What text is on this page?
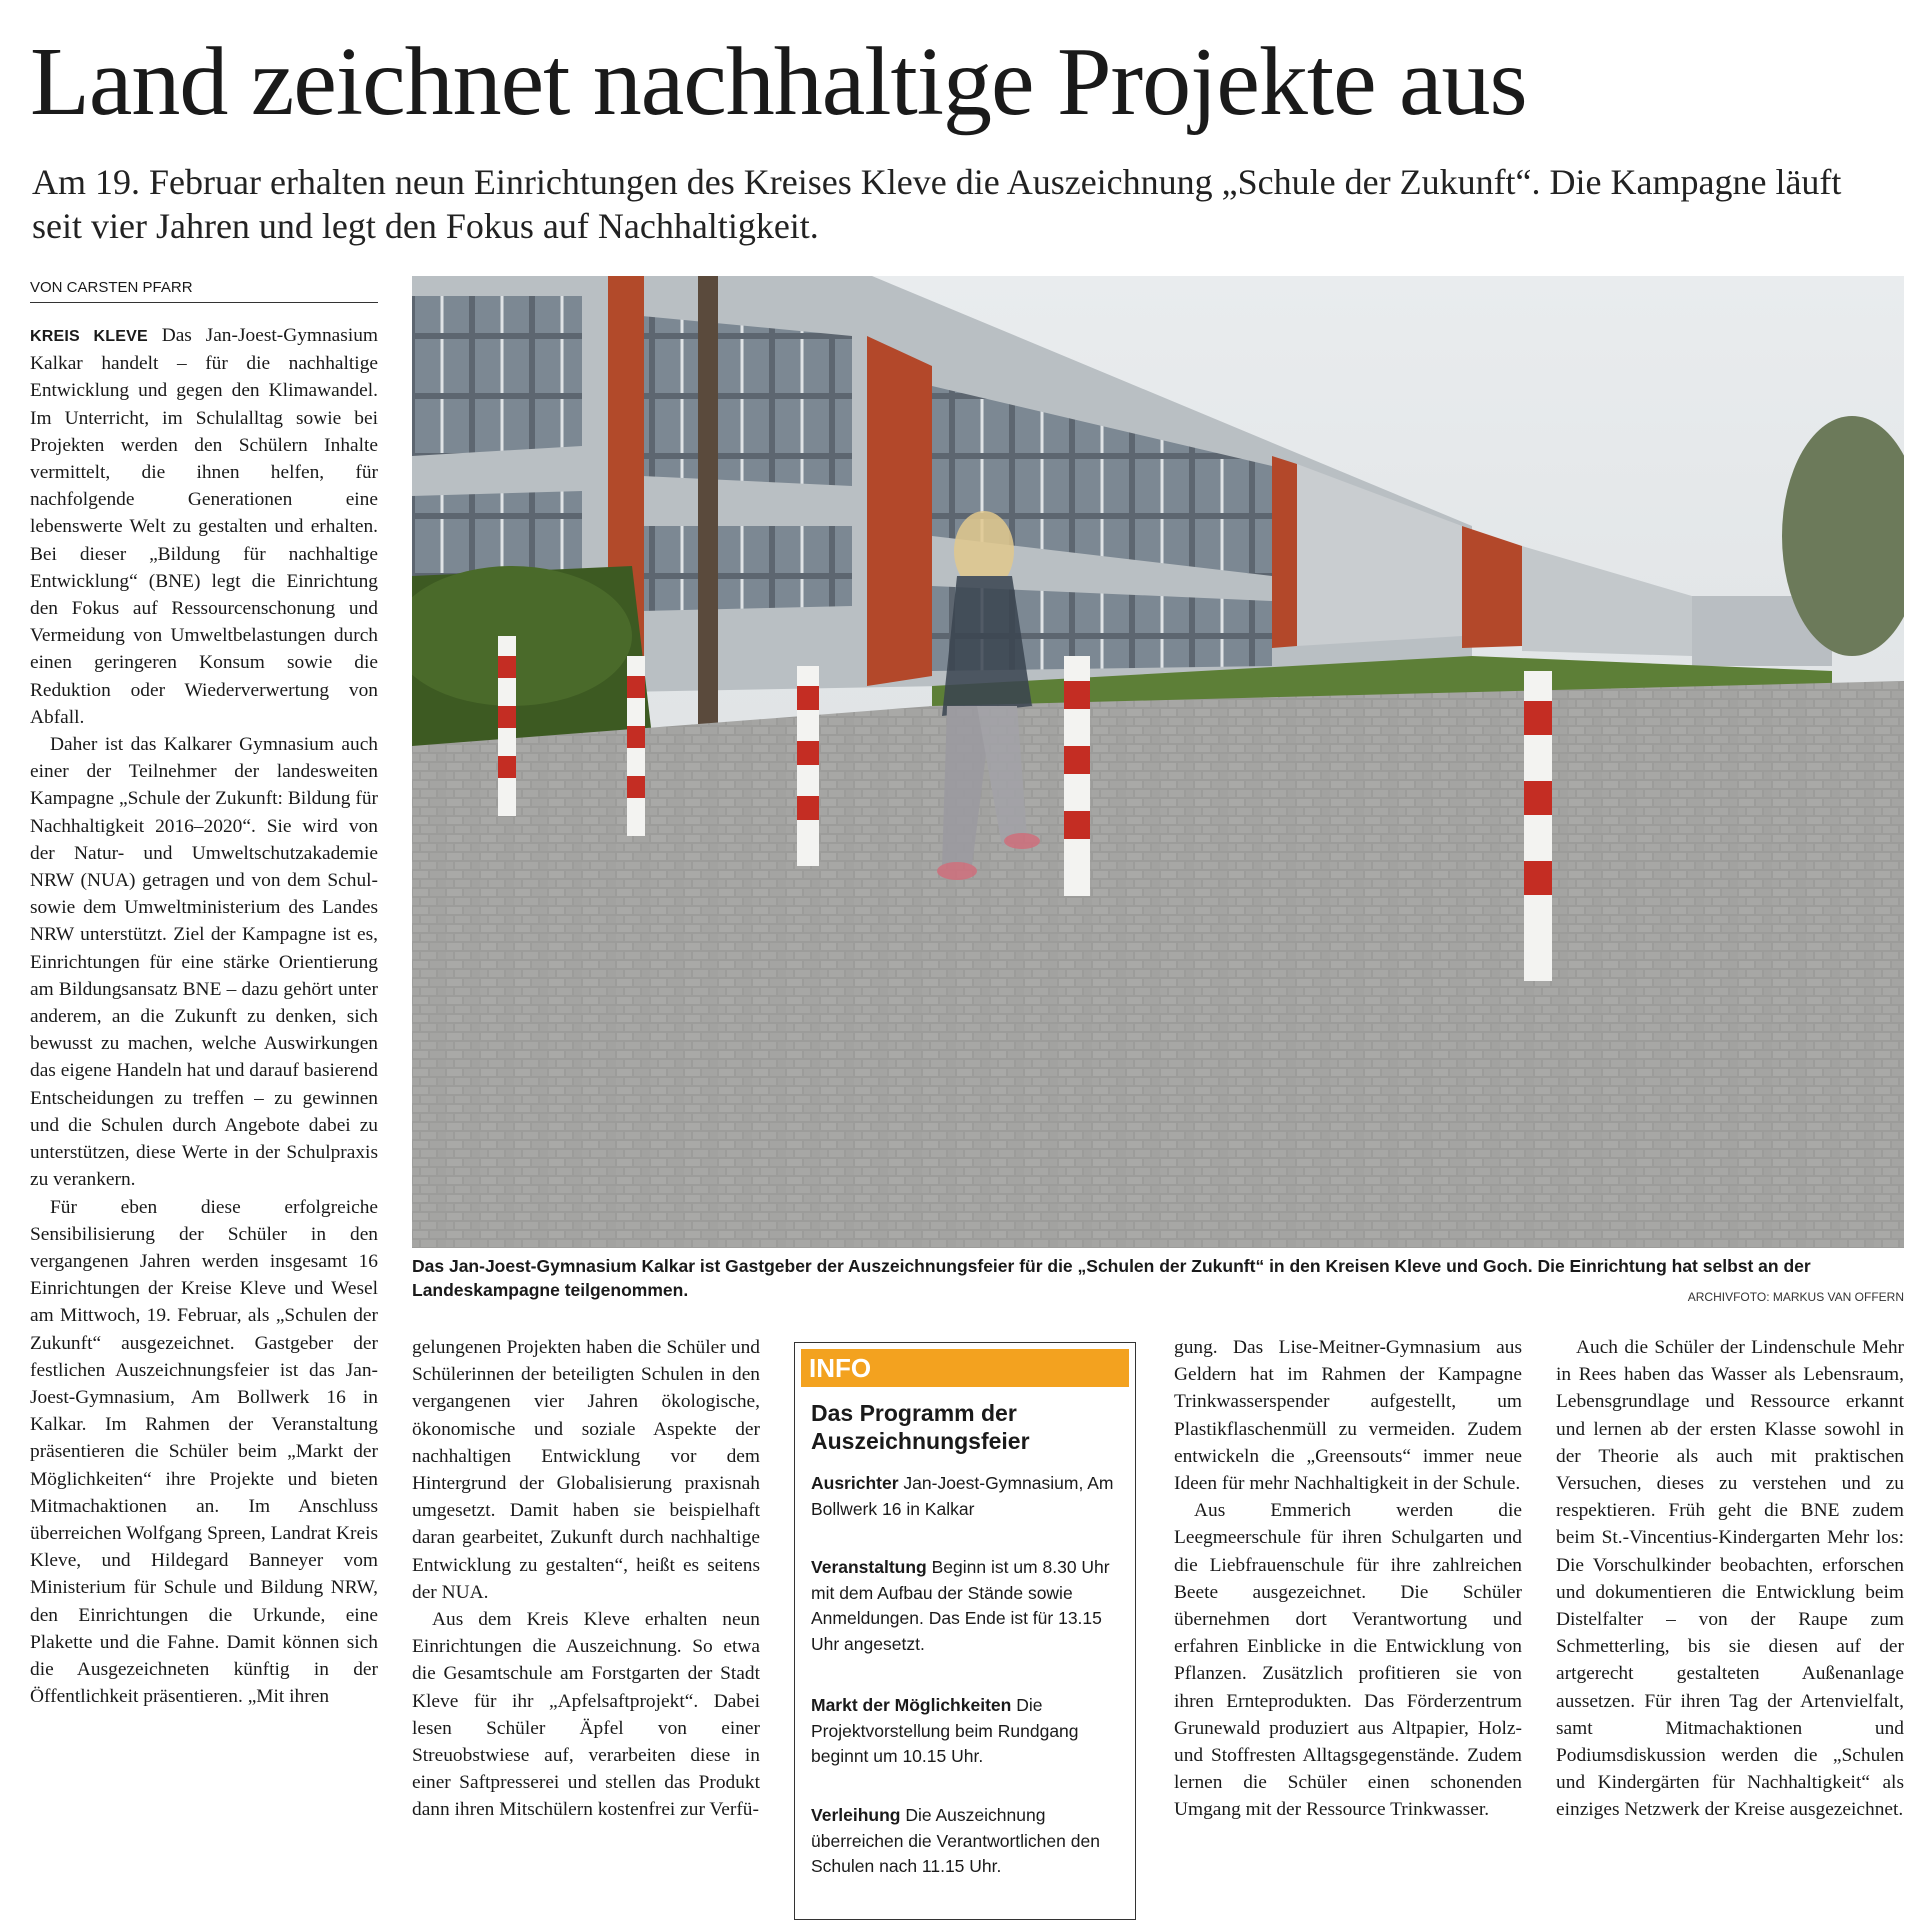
Land zeichnet nachhaltige Projekte aus
Am 19. Februar erhalten neun Einrichtungen des Kreises Kleve die Auszeichnung „Schule der Zukunft“. Die Kampagne läuft seit vier Jahren und legt den Fokus auf Nachhaltigkeit.
VON CARSTEN PFARR

KREIS KLEVE Das Jan-Joest-Gymnasium Kalkar handelt – für die nachhaltige Entwicklung und gegen den Klimawandel. Im Unterricht, im Schulalltag sowie bei Projekten werden den Schülern Inhalte vermittelt, die ihnen helfen, für nachfolgende Generationen eine lebenswerte Welt zu gestalten und erhalten. Bei dieser „Bildung für nachhaltige Entwicklung“ (BNE) legt die Einrichtung den Fokus auf Ressourcenschonung und Vermeidung von Umweltbelastungen durch einen geringeren Konsum sowie die Reduktion oder Wiederverwertung von Abfall.

Daher ist das Kalkarer Gymnasium auch einer der Teilnehmer der landesweiten Kampagne „Schule der Zukunft: Bildung für Nachhaltigkeit 2016–2020“. Sie wird von der Natur- und Umweltschutzakademie NRW (NUA) getragen und von dem Schul- sowie dem Umweltministerium des Landes NRW unterstützt. Ziel der Kampagne ist es, Einrichtungen für eine stärke Orientierung am Bildungsansatz BNE – dazu gehört unter anderem, an die Zukunft zu denken, sich bewusst zu machen, welche Auswirkungen das eigene Handeln hat und darauf basierend Entscheidungen zu treffen – zu gewinnen und die Schulen durch Angebote dabei zu unterstützen, diese Werte in der Schulpraxis zu verankern.

Für eben diese erfolgreiche Sensibilisierung der Schüler in den vergangenen Jahren werden insgesamt 16 Einrichtungen der Kreise Kleve und Wesel am Mittwoch, 19. Februar, als „Schulen der Zukunft“ ausgezeichnet. Gastgeber der festlichen Auszeichnungsfeier ist das Jan-Joest-Gymnasium, Am Bollwerk 16 in Kalkar. Im Rahmen der Veranstaltung präsentieren die Schüler beim „Markt der Möglichkeiten“ ihre Projekte und bieten Mitmachaktionen an. Im Anschluss überreichen Wolfgang Spreen, Landrat Kreis Kleve, und Hildegard Banneyer vom Ministerium für Schule und Bildung NRW, den Einrichtungen die Urkunde, eine Plakette und die Fahne. Damit können sich die Ausgezeichneten künftig in der Öffentlichkeit präsentieren. „Mit ihren

Das Jan-Joest-Gymnasium Kalkar ist Gastgeber der Auszeichnungsfeier für die „Schulen der Zukunft“ in den Kreisen Kleve und Goch. Die Einrichtung hat selbst an der Landeskampagne teilgenommen.	ARCHIVFOTO: MARKUS VAN OFFERN

gelungenen Projekten haben die Schüler und Schülerinnen der beteiligten Schulen in den vergangenen vier Jahren ökologische, ökonomische und soziale Aspekte der nachhaltigen Entwicklung vor dem Hintergrund der Globalisierung praxisnah umgesetzt. Damit haben sie beispielhaft daran gearbeitet, Zukunft durch nachhaltige Entwicklung zu gestalten“, heißt es seitens der NUA.

Aus dem Kreis Kleve erhalten neun Einrichtungen die Auszeichnung. So etwa die Gesamtschule am Forstgarten der Stadt Kleve für ihr „Apfelsaftprojekt“. Dabei lesen Schüler Äpfel von einer Streuobstwiese auf, verarbeiten diese in einer Saftpresserei und stellen das Produkt dann ihren Mitschülern kostenfrei zur Verfü-

INFO
Das Programm der Auszeichnungsfeier
Ausrichter Jan-Joest-Gymnasium, Am Bollwerk 16 in Kalkar
Veranstaltung Beginn ist um 8.30 Uhr mit dem Aufbau der Stände sowie Anmeldungen. Das Ende ist für 13.15 Uhr angesetzt.
Markt der Möglichkeiten Die Projektvorstellung beim Rundgang beginnt um 10.15 Uhr.
Verleihung Die Auszeichnung überreichen die Verantwortlichen den Schulen nach 11.15 Uhr.

gung. Das Lise-Meitner-Gymnasium aus Geldern hat im Rahmen der Kampagne Trinkwasserspender aufgestellt, um Plastikflaschenmüll zu vermeiden. Zudem entwickeln die „Greensouts“ immer neue Ideen für mehr Nachhaltigkeit in der Schule.

Aus Emmerich werden die Leegmeerschule für ihren Schulgarten und die Liebfrauenschule für ihre zahlreichen Beete ausgezeichnet. Die Schüler übernehmen dort Verantwortung und erfahren Einblicke in die Entwicklung von Pflanzen. Zusätzlich profitieren sie von ihren Ernteprodukten. Das Förderzentrum Grunewald produziert aus Altpapier, Holz- und Stoffresten Alltagsgegenstände. Zudem lernen die Schüler einen schonenden Umgang mit der Ressource Trinkwasser.

Auch die Schüler der Lindenschule Mehr in Rees haben das Wasser als Lebensraum, Lebensgrundlage und Ressource erkannt und lernen ab der ersten Klasse sowohl in der Theorie als auch mit praktischen Versuchen, dieses zu verstehen und zu respektieren. Früh geht die BNE zudem beim St.-Vincentius-Kindergarten Mehr los: Die Vorschulkinder beobachten, erforschen und dokumentieren die Entwicklung beim Distelfalter – von der Raupe zum Schmetterling, bis sie diesen auf der artgerecht gestalteten Außenanlage aussetzen. Für ihren Tag der Artenvielfalt, samt Mitmachaktionen und Podiumsdiskussion werden die „Schulen und Kindergärten für Nachhaltigkeit“ als einziges Netzwerk der Kreise ausgezeichnet.
